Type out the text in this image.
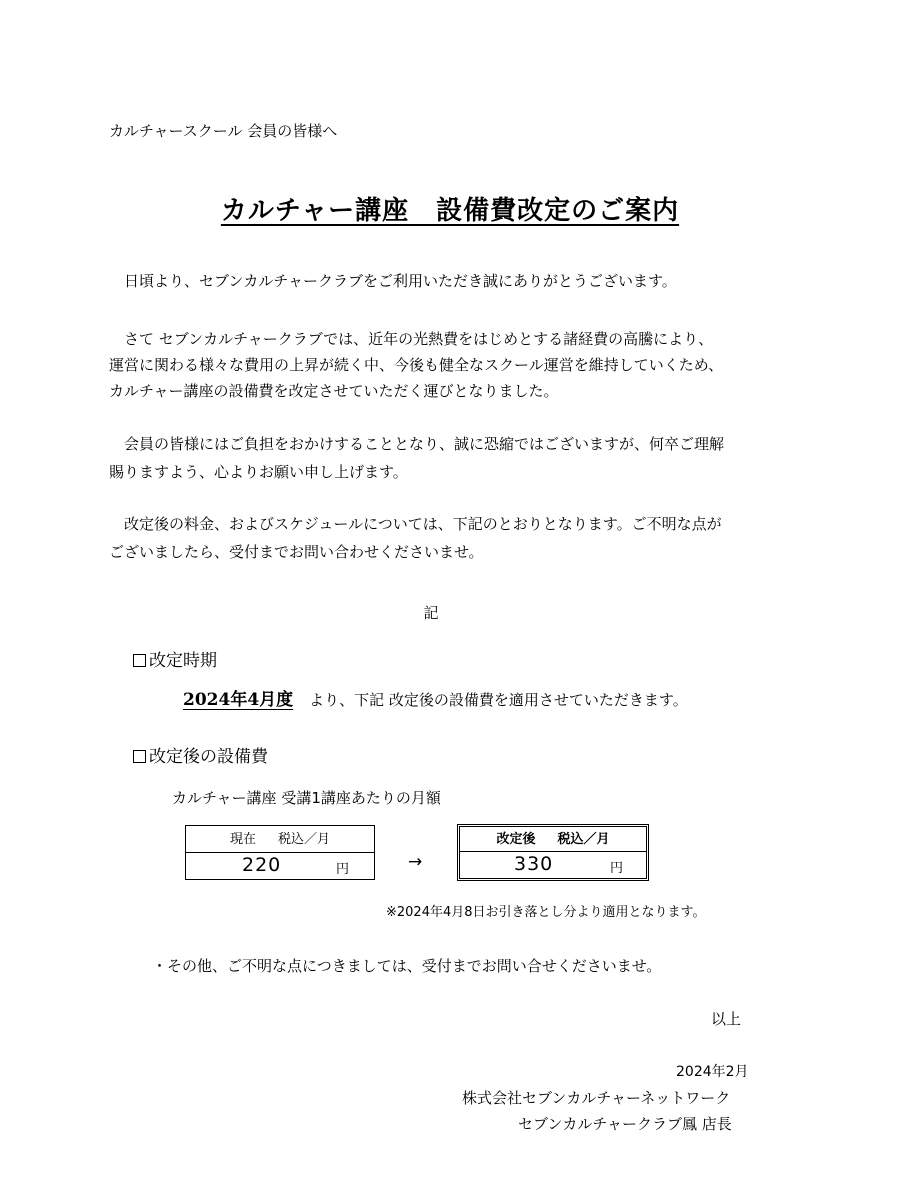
カルチャースクール 会員の皆様へ
カルチャー講座　設備費改定のご案内
　日頃より、セブンカルチャークラブをご利用いただき誠にありがとうございます。
　さて セブンカルチャークラブでは、近年の光熱費をはじめとする諸経費の高騰により、
運営に関わる様々な費用の上昇が続く中、今後も健全なスクール運営を維持していくため、
カルチャー講座の設備費を改定させていただく運びとなりました。
　会員の皆様にはご負担をおかけすることとなり、誠に恐縮ではございますが、何卒ご理解
賜りますよう、心よりお願い申し上げます。
　改定後の料金、およびスケジュールについては、下記のとおりとなります。ご不明な点が
ございましたら、受付までお問い合わせくださいませ。
記
改定時期
2024年4月度 より、下記 改定後の設備費を適用させていただきます。
改定後の設備費
カルチャー講座 受講1講座あたりの月額
現在 税込／月
220	円	→
改定後 税込／月
330	円
※2024年4月8日お引き落とし分より適用となります。
・その他、ご不明な点につきましては、受付までお問い合せくださいませ。
以上
2024年2月
株式会社セブンカルチャーネットワーク
セブンカルチャークラブ鳳 店長
